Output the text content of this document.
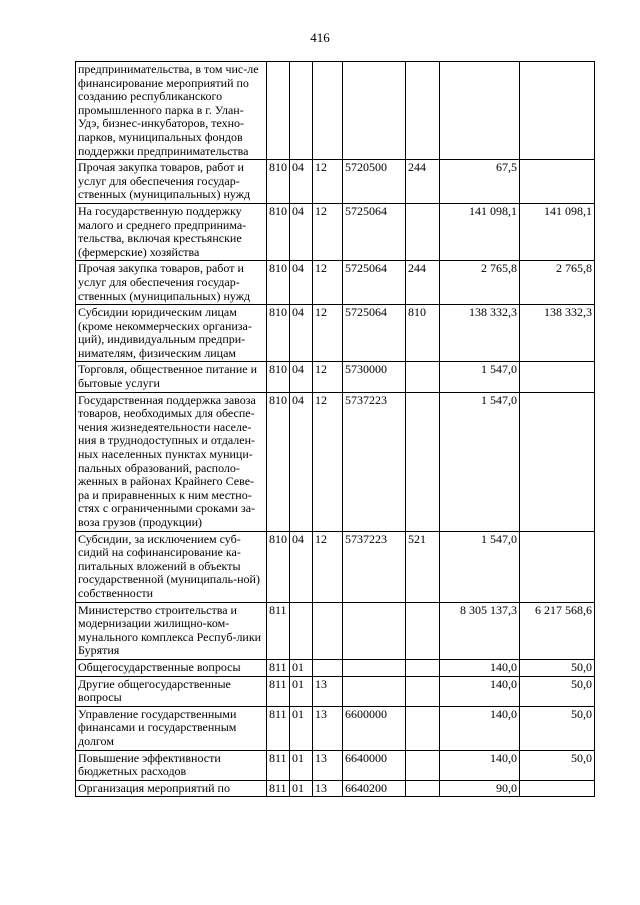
416
предпринимательства, в том чис-ле финансирование мероприятий по созданию республиканского промышленного парка в г. Улан-Удэ, бизнес-инкубаторов, техно-парков, муниципальных фондов поддержки предпринимательства							
Прочая закупка товаров, работ и услуг для обеспечения государ-ственных (муниципальных) нужд	810	04	12	5720500	244	67,5	
На государственную поддержку малого и среднего предпринима-тельства, включая крестьянские (фермерские) хозяйства	810	04	12	5725064		141 098,1	141 098,1
Прочая закупка товаров, работ и услуг для обеспечения государ-ственных (муниципальных) нужд	810	04	12	5725064	244	2 765,8	2 765,8
Субсидии юридическим лицам (кроме некоммерческих организа-ций), индивидуальным предпри-нимателям, физическим лицам	810	04	12	5725064	810	138 332,3	138 332,3
Торговля, общественное питание и бытовые услуги	810	04	12	5730000		1 547,0	
Государственная поддержка завоза товаров, необходимых для обеспе-чения жизнедеятельности населе-ния в труднодоступных и отдален-ных населенных пунктах муници-пальных образований, располо-женных в районах Крайнего Севе-ра и приравненных к ним местно-стях с ограниченными сроками за-воза грузов (продукции)	810	04	12	5737223		1 547,0	
Субсидии, за исключением суб-сидий на софинансирование ка-питальных вложений в объекты государственной (муниципаль-ной) собственности	810	04	12	5737223	521	1 547,0	
Министерство строительства и модернизации жилищно-ком-мунального комплекса Респуб-лики Бурятия	811					8 305 137,3	6 217 568,6
Общегосударственные вопросы	811	01				140,0	50,0
Другие общегосударственные вопросы	811	01	13			140,0	50,0
Управление государственными финансами и государственным долгом	811	01	13	6600000		140,0	50,0
Повышение эффективности бюджетных расходов	811	01	13	6640000		140,0	50,0
Организация мероприятий по	811	01	13	6640200		90,0	
